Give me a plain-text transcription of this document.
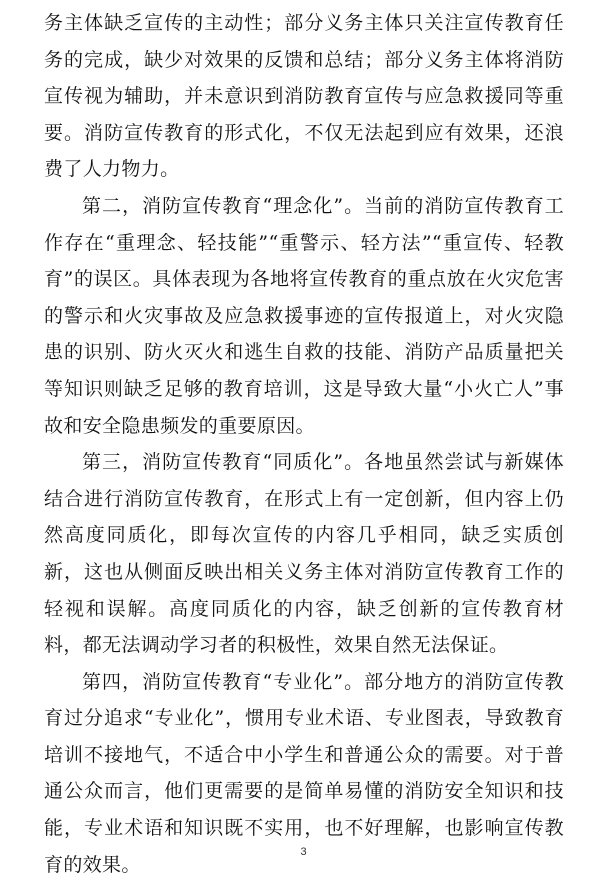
务主体缺乏宣传的主动性；部分义务主体只关注宣传教育任务的完成，缺少对效果的反馈和总结；部分义务主体将消防宣传视为辅助，并未意识到消防教育宣传与应急救援同等重要。消防宣传教育的形式化，不仅无法起到应有效果，还浪费了人力物力。

第二，消防宣传教育“理念化”。当前的消防宣传教育工作存在“重理念、轻技能”“重警示、轻方法”“重宣传、轻教育”的误区。具体表现为各地将宣传教育的重点放在火灾危害的警示和火灾事故及应急救援事迹的宣传报道上，对火灾隐患的识别、防火灭火和逃生自救的技能、消防产品质量把关等知识则缺乏足够的教育培训，这是导致大量“小火亡人”事故和安全隐患频发的重要原因。

第三，消防宣传教育“同质化”。各地虽然尝试与新媒体结合进行消防宣传教育，在形式上有一定创新，但内容上仍然高度同质化，即每次宣传的内容几乎相同，缺乏实质创新，这也从侧面反映出相关义务主体对消防宣传教育工作的轻视和误解。高度同质化的内容，缺乏创新的宣传教育材料，都无法调动学习者的积极性，效果自然无法保证。

第四，消防宣传教育“专业化”。部分地方的消防宣传教育过分追求“专业化”，惯用专业术语、专业图表，导致教育培训不接地气，不适合中小学生和普通公众的需要。对于普通公众而言，他们更需要的是简单易懂的消防安全知识和技能，专业术语和知识既不实用，也不好理解，也影响宣传教育的效果。

3
